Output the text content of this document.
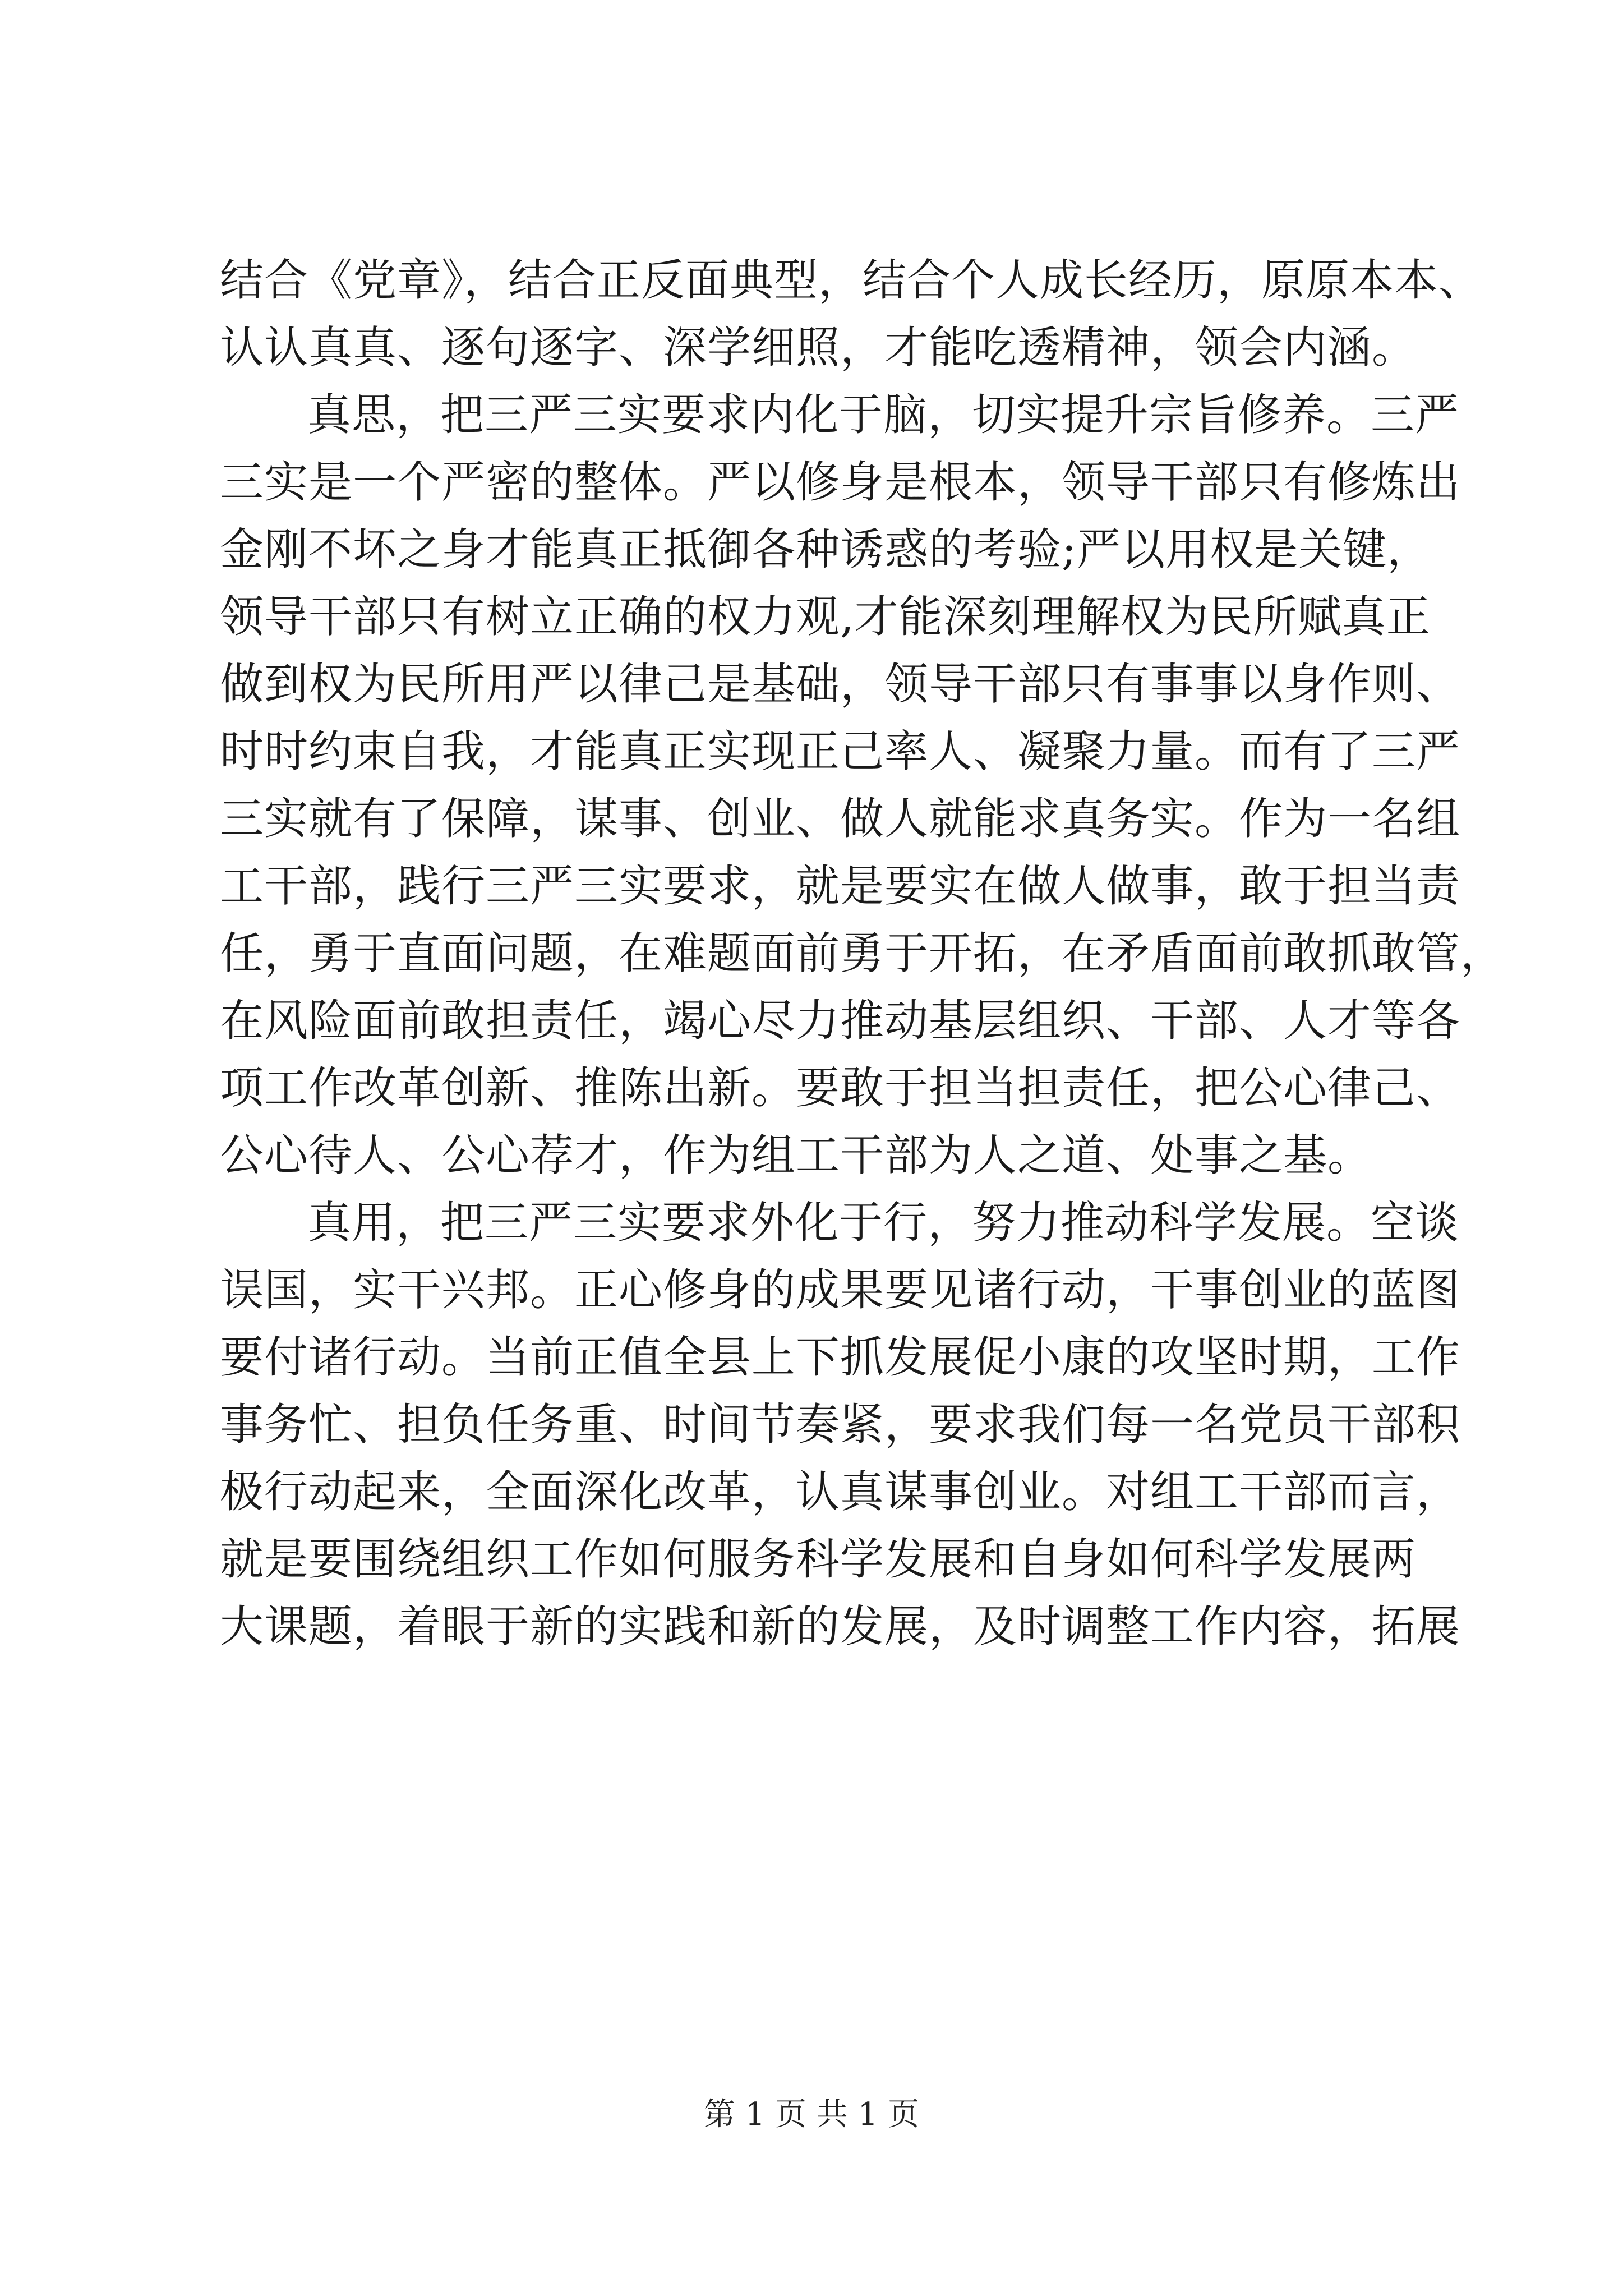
结合《党章》，结合正反面典型，结合个人成长经历，原原本本、
认认真真、逐句逐字、深学细照，才能吃透精神，领会内涵。
真思，把三严三实要求内化于脑，切实提升宗旨修养。三严
三实是一个严密的整体。严以修身是根本，领导干部只有修炼出
金刚不坏之身才能真正抵御各种诱惑的考验;严以用权是关键，
领导干部只有树立正确的权力观,才能深刻理解权为民所赋真正
做到权为民所用严以律己是基础，领导干部只有事事以身作则、
时时约束自我，才能真正实现正己率人、凝聚力量。而有了三严
三实就有了保障，谋事、创业、做人就能求真务实。作为一名组
工干部，践行三严三实要求，就是要实在做人做事，敢于担当责
任，勇于直面问题，在难题面前勇于开拓，在矛盾面前敢抓敢管，
在风险面前敢担责任，竭心尽力推动基层组织、干部、人才等各
项工作改革创新、推陈出新。要敢于担当担责任，把公心律己、
公心待人、公心荐才，作为组工干部为人之道、处事之基。
真用，把三严三实要求外化于行，努力推动科学发展。空谈
误国，实干兴邦。正心修身的成果要见诸行动，干事创业的蓝图
要付诸行动。当前正值全县上下抓发展促小康的攻坚时期，工作
事务忙、担负任务重、时间节奏紧，要求我们每一名党员干部积
极行动起来，全面深化改革，认真谋事创业。对组工干部而言，
就是要围绕组织工作如何服务科学发展和自身如何科学发展两
大课题，着眼于新的实践和新的发展，及时调整工作内容，拓展
第 1 页 共 1 页
